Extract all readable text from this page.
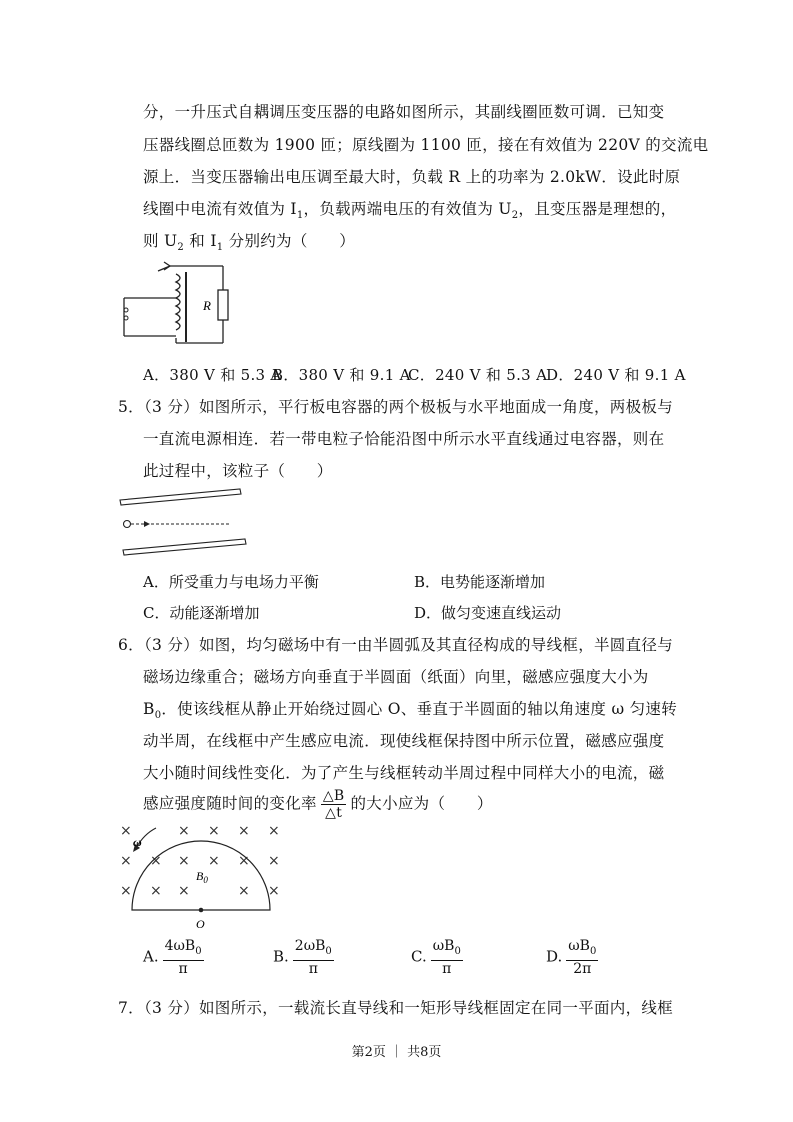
分，一升压式自耦调压变压器的电路如图所示，其副线圈匝数可调．已知变
压器线圈总匝数为 1900 匝；原线圈为 1100 匝，接在有效值为 220V 的交流电
源上．当变压器输出电压调至最大时，负载 R 上的功率为 2.0kW．设此时原
线圈中电流有效值为 $I_1$，负载两端电压的有效值为 $U_2$，且变压器是理想的，
则 $U_2$ 和 $I_1$ 分别约为（　　）
R
A．380 V 和 5.3 A
B．380 V 和 9.1 A
C．240 V 和 5.3 A
D．240 V 和 9.1 A
5．（3 分）如图所示，平行板电容器的两个极板与水平地面成一角度，两极板与
一直流电源相连．若一带电粒子恰能沿图中所示水平直线通过电容器，则在
此过程中，该粒子（　　）
A．所受重力与电场力平衡	B．电势能逐渐增加
C．动能逐渐增加	D．做匀变速直线运动
6．（3 分）如图，均匀磁场中有一由半圆弧及其直径构成的导线框，半圆直径与
磁场边缘重合；磁场方向垂直于半圆面（纸面）向里，磁感应强度大小为
$B_0$．使该线框从静止开始绕过圆心 O、垂直于半圆面的轴以角速度 ω 匀速转
动半周，在线框中产生感应电流．现使线框保持图中所示位置，磁感应强度
大小随时间线性变化．为了产生与线框转动半周过程中同样大小的电流，磁
感应强度随时间的变化率 $\frac{\triangle B}{\triangle t}$ 的大小应为（　　）
×	× × × ×
× × × × × ×
× × ×	× ×
ω
$B_0$
O
A. $\frac{4\omega B_0}{\pi}$	B. $\frac{2\omega B_0}{\pi}$	C. $\frac{\omega B_0}{\pi}$	D. $\frac{\omega B_0}{2\pi}$
7．（3 分）如图所示，一载流长直导线和一矩形导线框固定在同一平面内，线框
第2页 ｜ 共8页
